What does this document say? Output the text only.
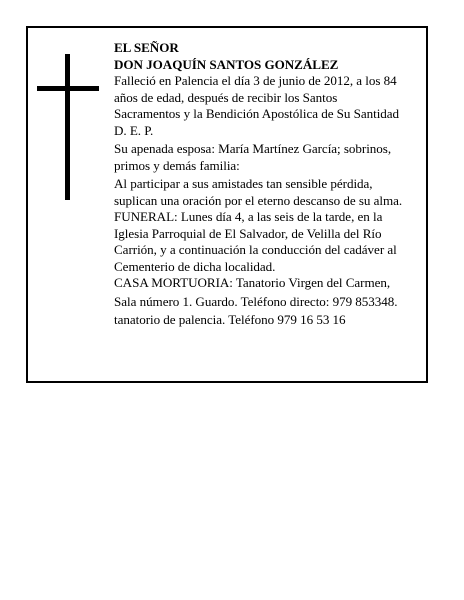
EL SEÑOR
DON JOAQUÍN SANTOS GONZÁLEZ
Falleció en Palencia el día 3 de junio de 2012, a los 84
años de edad, después de recibir los Santos
Sacramentos y la Bendición Apostólica de Su Santidad
D. E. P.
Su apenada esposa: María Martínez García; sobrinos,
primos y demás familia:
Al participar a sus amistades tan sensible pérdida,
suplican una oración por el eterno descanso de su alma.
FUNERAL: Lunes día 4, a las seis de la tarde, en la
Iglesia Parroquial de El Salvador, de Velilla del Río
Carrión, y a continuación la conducción del cadáver al
Cementerio de dicha localidad.
CASA MORTUORIA: Tanatorio Virgen del Carmen,
Sala número 1. Guardo. Teléfono directo: 979 853348.
tanatorio de palencia. Teléfono 979 16 53 16
